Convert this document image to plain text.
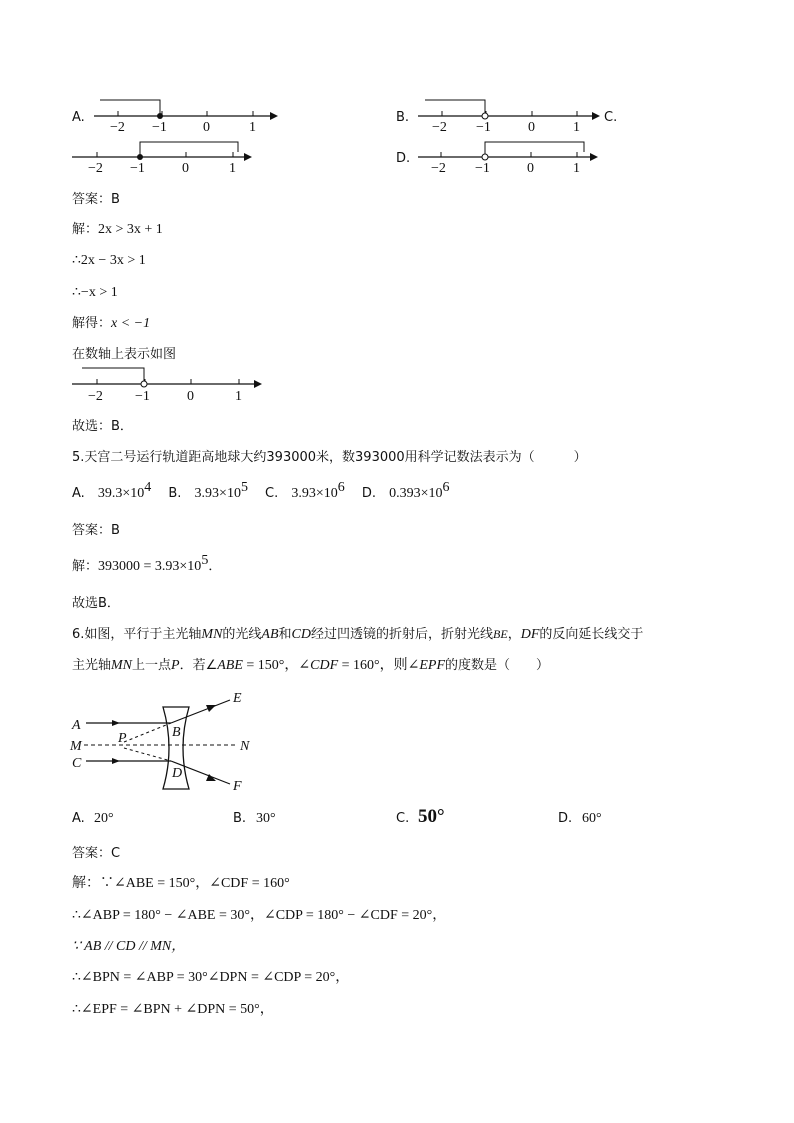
A.
−2 −1	0	1
B.
−2 −1	0	1
C.
−2 −1	0	1
D.
−2 −1	0	1
答案：B
解：2x > 3x + 1
∴2x − 3x > 1
∴−x > 1
解得：x < −1
在数轴上表示如图
−2 −1	0	1
故选：B．
5.天宫二号运行轨道距高地球大约393000米，数393000用科学记数法表示为（　　　）
A. $39.3\times 10^4$ B. $3.93\times 10^5$ C. $3.93\times 10^6$ D. $0.393\times 10^6$
答案：B
解：$393000 = 3.93\times 10^5$．
故选B．
6.如图，平行于主光轴MN的光线AB和CD经过凹透镜的折射后，折射光线BE，DF的反向延长线交于
主光轴MN上一点P．若∠ABE = 150°，∠CDF = 160°，则∠EPF的度数是（　　）
A
M
C
P	B
D
E
N
F
A. 20°	B. 30°	C. 50°	D. 60°
答案：C
解：∵∠ABE = 150°，∠CDF = 160°
∴∠ABP = 180° − ∠ABE = 30°，∠CDP = 180° − ∠CDF = 20°，
∵ AB // CD // MN，
∴∠BPN = ∠ABP = 30°∠DPN = ∠CDP = 20°，
∴∠EPF = ∠BPN + ∠DPN = 50°，
